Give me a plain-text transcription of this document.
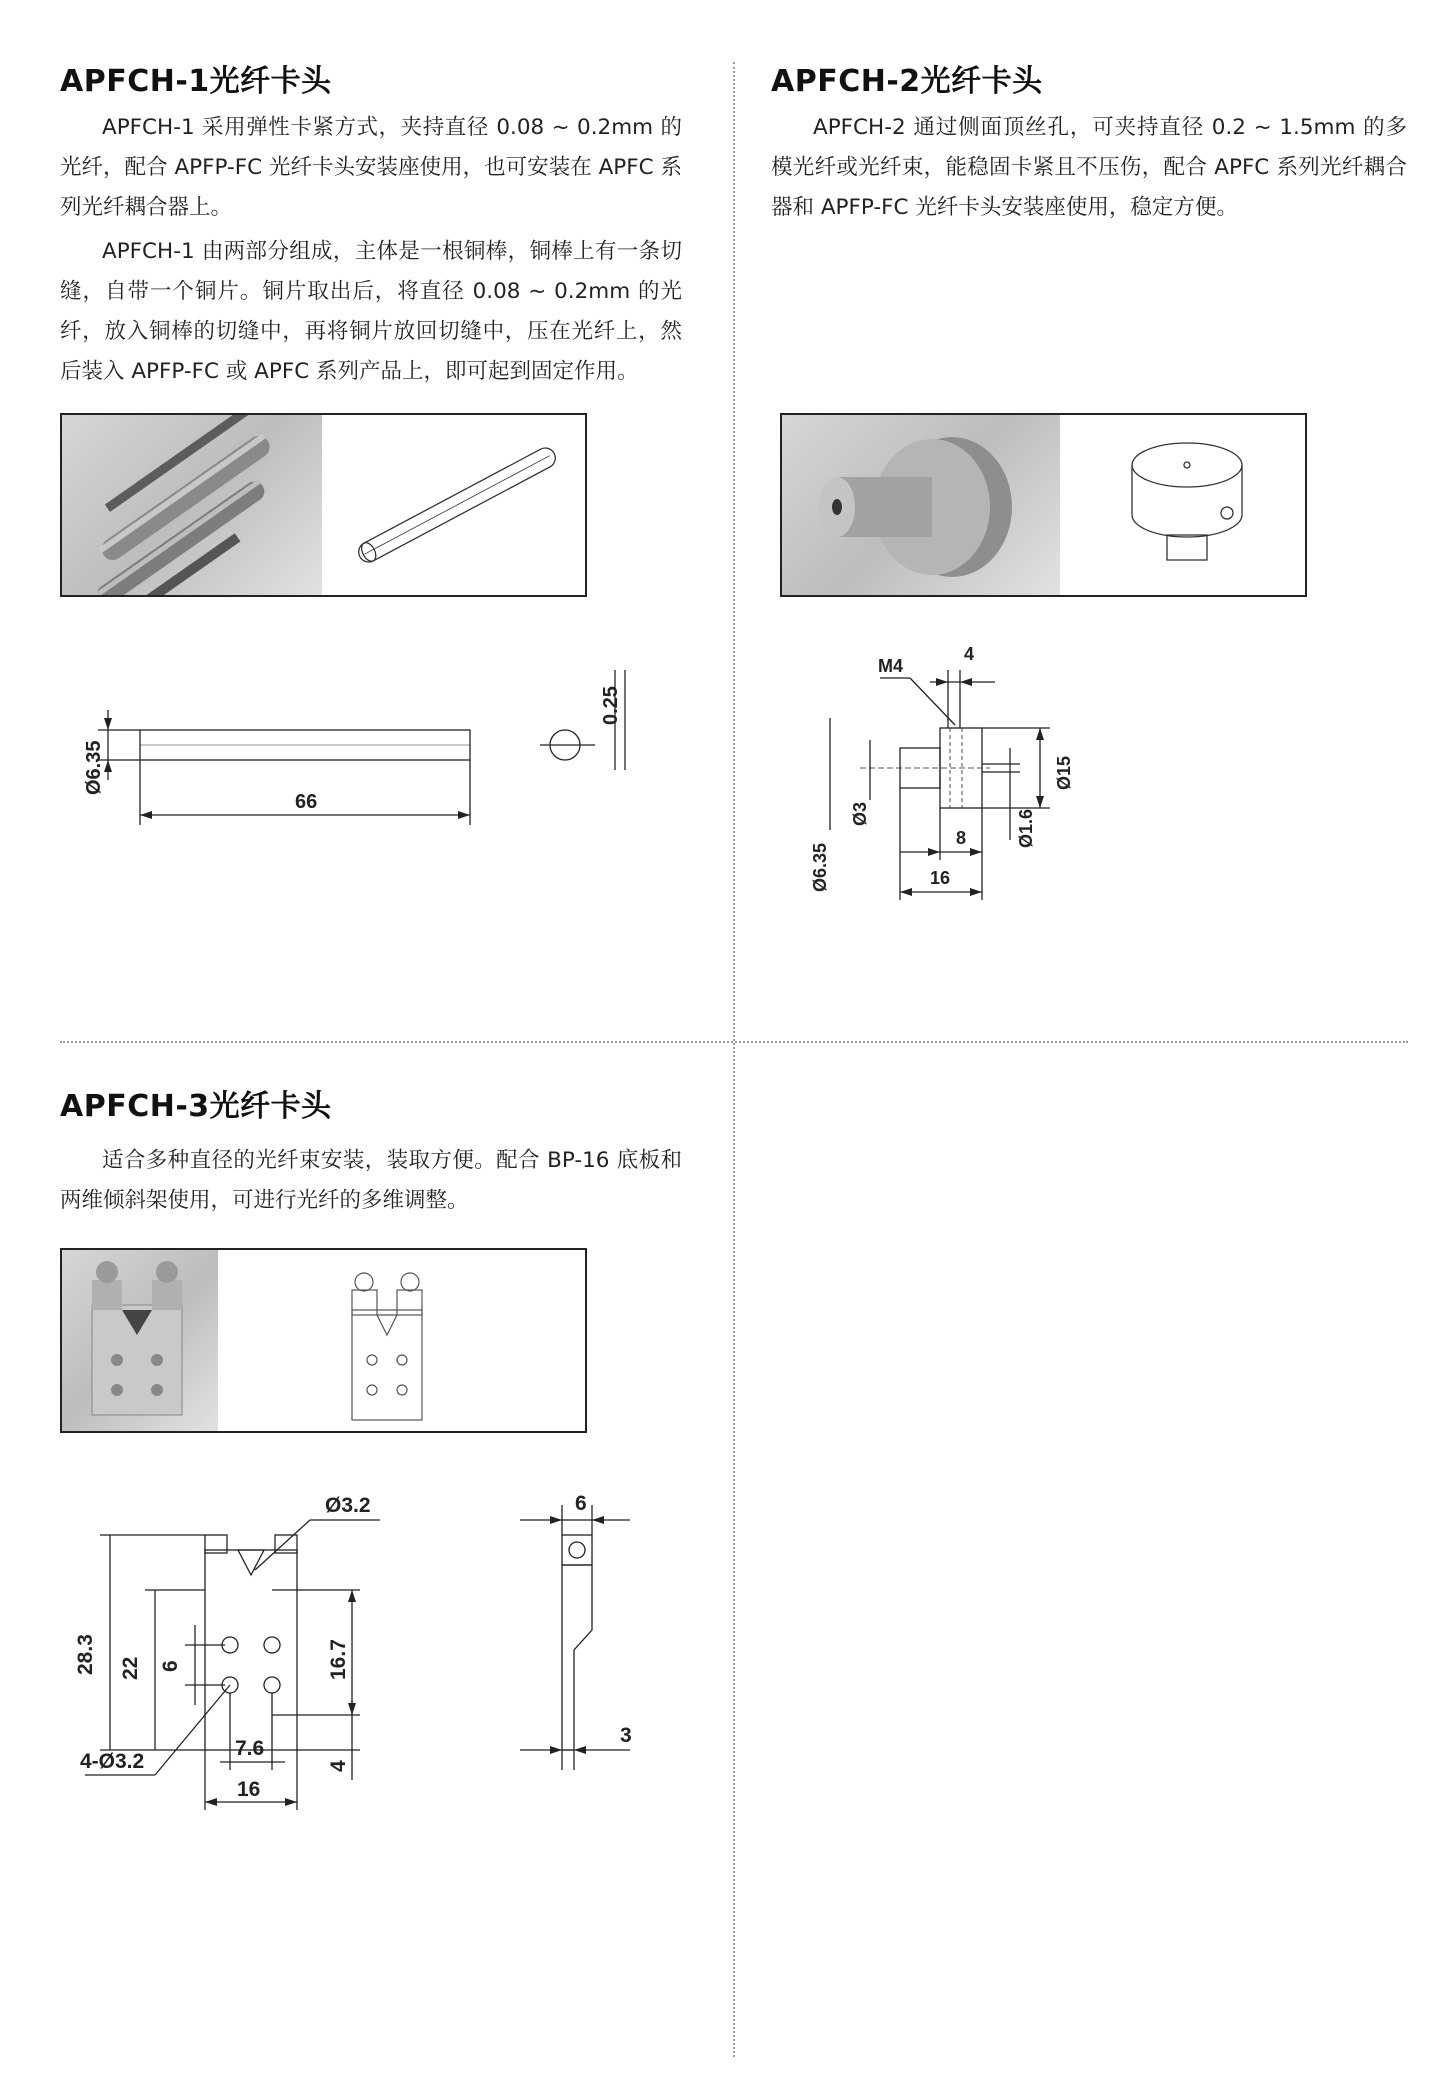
APFCH-1光纤卡头

APFCH-1 采用弹性卡紧方式，夹持直径 0.08 ~ 0.2mm 的光纤，配合 APFP-FC 光纤卡头安装座使用，也可安装在 APFC 系列光纤耦合器上。

APFCH-1 由两部分组成，主体是一根铜棒，铜棒上有一条切缝，自带一个铜片。铜片取出后，将直径 0.08 ~ 0.2mm 的光纤，放入铜棒的切缝中，再将铜片放回切缝中，压在光纤上，然后装入 APFP-FC 或 APFC 系列产品上，即可起到固定作用。

66
Ø6.35
0.25
APFCH-2光纤卡头

APFCH-2 通过侧面顶丝孔，可夹持直径 0.2 ~ 1.5mm 的多模光纤或光纤束，能稳固卡紧且不压伤，配合 APFC 系列光纤耦合器和 APFP-FC 光纤卡头安装座使用，稳定方便。

M4
4
Ø15
Ø1.6
Ø6.35
Ø3
8
16
APFCH-3光纤卡头

适合多种直径的光纤束安装，装取方便。配合 BP-16 底板和两维倾斜架使用，可进行光纤的多维调整。

Ø3.2
28.3 22 6	16.7
4-Ø3.2
7.6
4
16
6
3
